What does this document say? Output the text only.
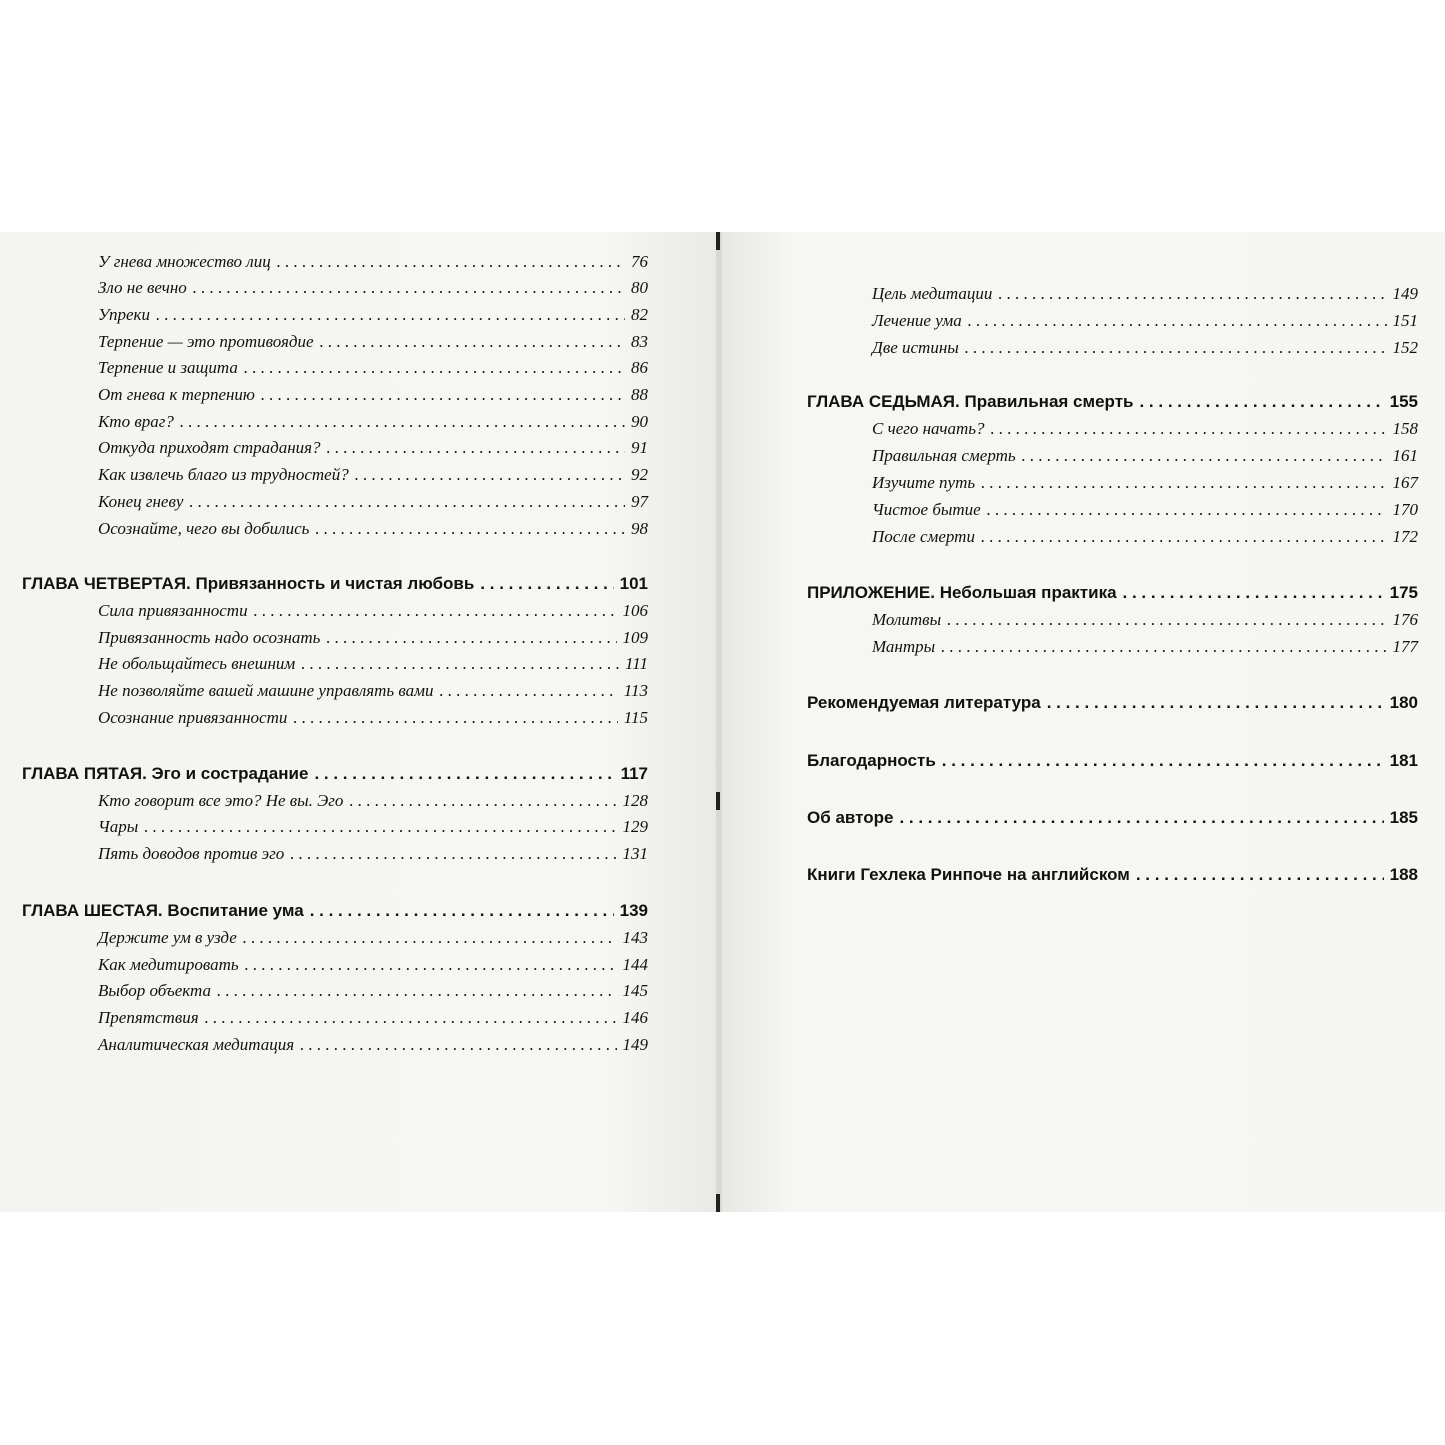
У гнева множество лиц . . .	76
Зло не вечно . . .	80
Упреки . . .	82
Терпение — это противоядие . . .	83
Терпение и защита . . .	86
От гнева к терпению . . .	88
Кто враг? . . .	90
Откуда приходят страдания? . . .	91
Как извлечь благо из трудностей? . . .	92
Конец гневу . . .	97
Осознайте, чего вы добились . . .	98
ГЛАВА ЧЕТВЕРТАЯ. Привязанность и чистая любовь . . .	101
Сила привязанности . . .	106
Привязанность надо осознать . . .	109
Не обольщайтесь внешним . . .	111
Не позволяйте вашей машине управлять вами . . .	113
Осознание привязанности . . .	115
ГЛАВА ПЯТАЯ. Эго и сострадание . . .	117
Кто говорит все это? Не вы. Эго . . .	128
Чары . . .	129
Пять доводов против эго . . .	131
ГЛАВА ШЕСТАЯ. Воспитание ума . . .	139
Держите ум в узде . . .	143
Как медитировать . . .	144
Выбор объекта . . .	145
Препятствия . . .	146
Аналитическая медитация . . .	149
Цель медитации . . .	149
Лечение ума . . .	151
Две истины . . .	152
ГЛАВА СЕДЬМАЯ. Правильная смерть . . .	155
С чего начать? . . .	158
Правильная смерть . . .	161
Изучите путь . . .	167
Чистое бытие . . .	170
После смерти . . .	172
ПРИЛОЖЕНИЕ. Небольшая практика . . .	175
Молитвы . . .	176
Мантры . . .	177
Рекомендуемая литература . . .	180
Благодарность . . .	181
Об авторе . . .	185
Книги Гехлека Ринпоче на английском . . .	188
